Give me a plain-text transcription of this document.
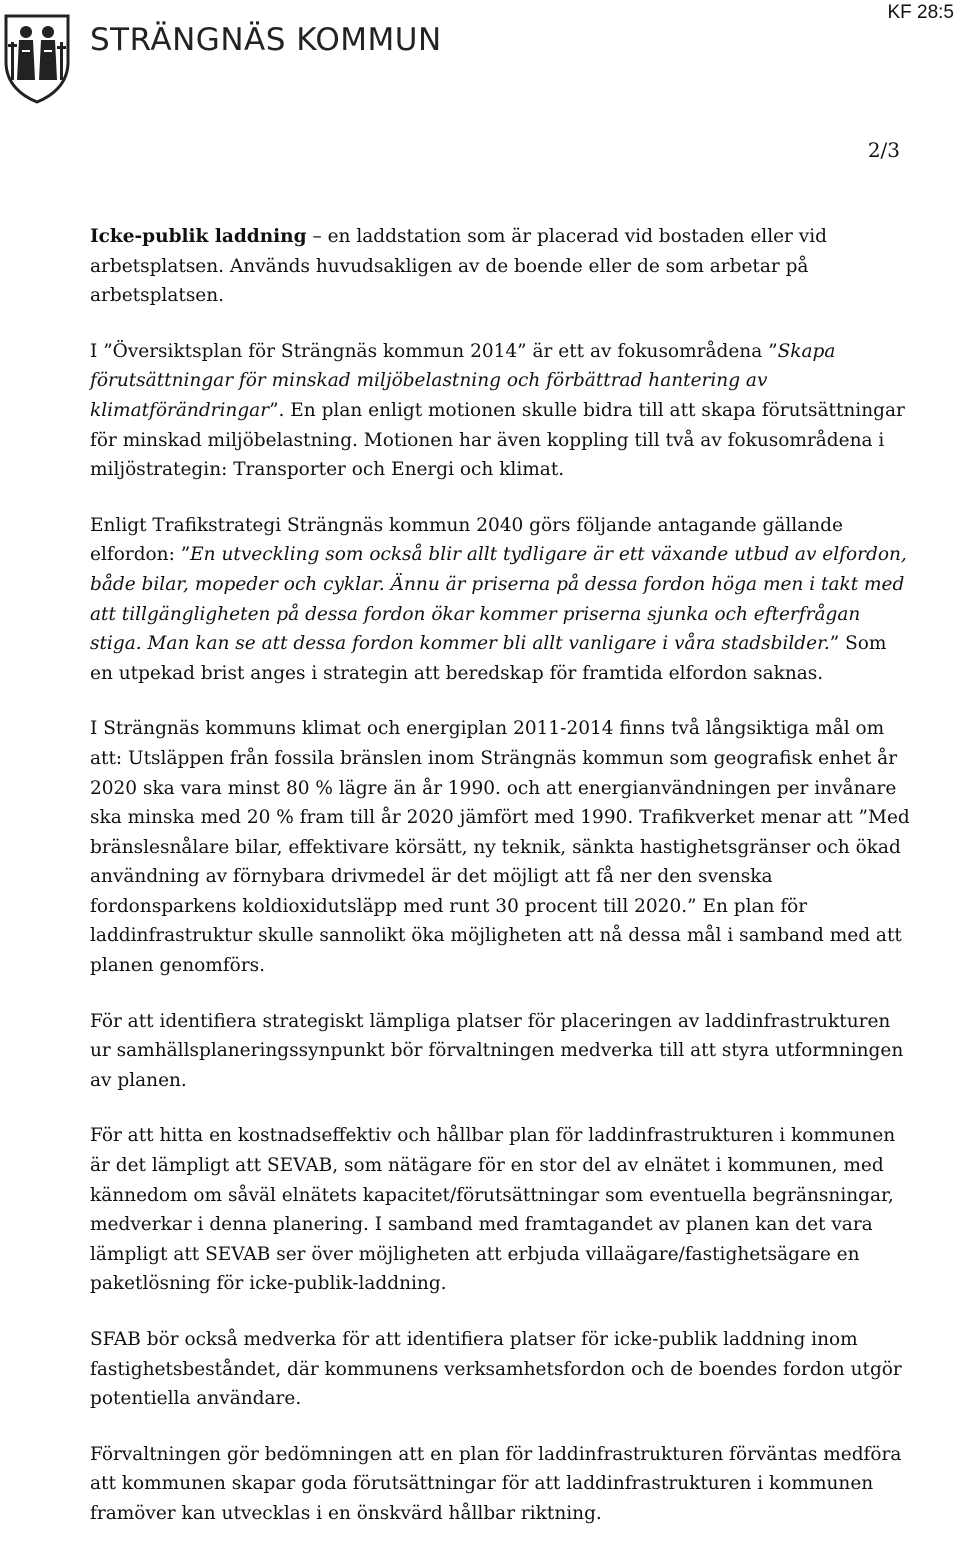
KF 28:5
STRÄNGNÄS KOMMUN
2/3

Icke-publik laddning – en laddstation som är placerad vid bostaden eller vid arbetsplatsen. Används huvudsakligen av de boende eller de som arbetar på arbetsplatsen.

I ”Översiktsplan för Strängnäs kommun 2014” är ett av fokusområdena ”Skapa förutsättningar för minskad miljöbelastning och förbättrad hantering av klimatförändringar”. En plan enligt motionen skulle bidra till att skapa förutsättningar för minskad miljöbelastning. Motionen har även koppling till två av fokusområdena i miljöstrategin: Transporter och Energi och klimat.

Enligt Trafikstrategi Strängnäs kommun 2040 görs följande antagande gällande elfordon: ”En utveckling som också blir allt tydligare är ett växande utbud av elfordon, både bilar, mopeder och cyklar. Ännu är priserna på dessa fordon höga men i takt med att tillgängligheten på dessa fordon ökar kommer priserna sjunka och efterfrågan stiga. Man kan se att dessa fordon kommer bli allt vanligare i våra stadsbilder.” Som en utpekad brist anges i strategin att beredskap för framtida elfordon saknas.

I Strängnäs kommuns klimat och energiplan 2011-2014 finns två långsiktiga mål om att: Utsläppen från fossila bränslen inom Strängnäs kommun som geografisk enhet år 2020 ska vara minst 80 % lägre än år 1990. och att energianvändningen per invånare ska minska med 20 % fram till år 2020 jämfört med 1990. Trafikverket menar att ”Med bränslesnålare bilar, effektivare körsätt, ny teknik, sänkta hastighetsgränser och ökad användning av förnybara drivmedel är det möjligt att få ner den svenska fordonsparkens koldioxidutsläpp med runt 30 procent till 2020.” En plan för laddinfrastruktur skulle sannolikt öka möjligheten att nå dessa mål i samband med att planen genomförs.

För att identifiera strategiskt lämpliga platser för placeringen av laddinfrastrukturen ur samhällsplaneringssynpunkt bör förvaltningen medverka till att styra utformningen av planen.

För att hitta en kostnadseffektiv och hållbar plan för laddinfrastrukturen i kommunen är det lämpligt att SEVAB, som nätägare för en stor del av elnätet i kommunen, med kännedom om såväl elnätets kapacitet/förutsättningar som eventuella begränsningar, medverkar i denna planering. I samband med framtagandet av planen kan det vara lämpligt att SEVAB ser över möjligheten att erbjuda villaägare/fastighetsägare en paketlösning för icke-publik-laddning.

SFAB bör också medverka för att identifiera platser för icke-publik laddning inom fastighetsbeståndet, där kommunens verksamhetsfordon och de boendes fordon utgör potentiella användare.

Förvaltningen gör bedömningen att en plan för laddinfrastrukturen förväntas medföra att kommunen skapar goda förutsättningar för att laddinfrastrukturen i kommunen framöver kan utvecklas i en önskvärd hållbar riktning.
